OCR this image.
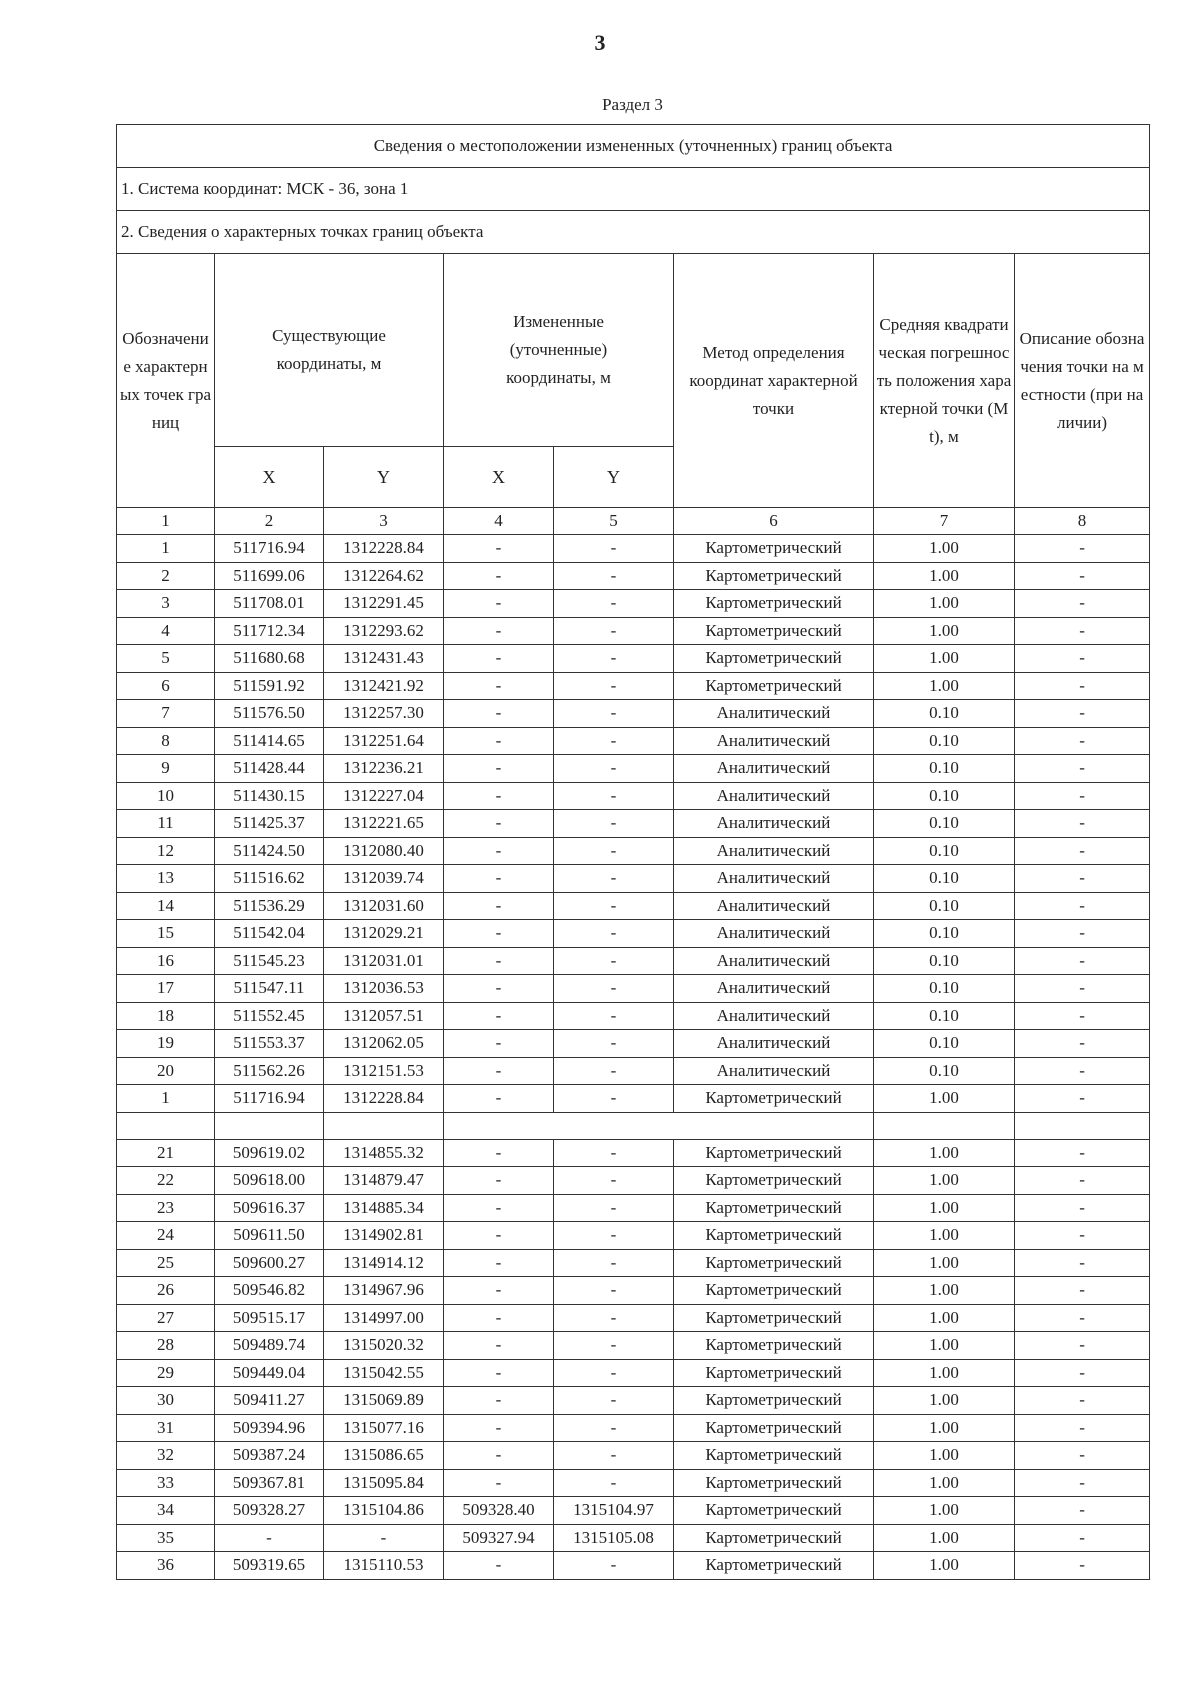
3
Раздел 3
Сведения о местоположении измененных (уточненных) границ объекта							
1. Система координат: МСК - 36, зона 1							
2. Сведения о характерных точках границ объекта							
Обозначение характерных точек границ	Существующие координаты, м		Измененные (уточненные) координаты, м		Метод определения координат характерной точки	Средняя квадратическая погрешность положения характерной точки (Mt), м	Описание обозначения точки на местности (при наличии)
	X	Y	X	Y			
1	2	3	4	5	6	7	8
1	511716.94	1312228.84	-	-	Картометрический	1.00	-
2	511699.06	1312264.62	-	-	Картометрический	1.00	-
3	511708.01	1312291.45	-	-	Картометрический	1.00	-
4	511712.34	1312293.62	-	-	Картометрический	1.00	-
5	511680.68	1312431.43	-	-	Картометрический	1.00	-
6	511591.92	1312421.92	-	-	Картометрический	1.00	-
7	511576.50	1312257.30	-	-	Аналитический	0.10	-
8	511414.65	1312251.64	-	-	Аналитический	0.10	-
9	511428.44	1312236.21	-	-	Аналитический	0.10	-
10	511430.15	1312227.04	-	-	Аналитический	0.10	-
11	511425.37	1312221.65	-	-	Аналитический	0.10	-
12	511424.50	1312080.40	-	-	Аналитический	0.10	-
13	511516.62	1312039.74	-	-	Аналитический	0.10	-
14	511536.29	1312031.60	-	-	Аналитический	0.10	-
15	511542.04	1312029.21	-	-	Аналитический	0.10	-
16	511545.23	1312031.01	-	-	Аналитический	0.10	-
17	511547.11	1312036.53	-	-	Аналитический	0.10	-
18	511552.45	1312057.51	-	-	Аналитический	0.10	-
19	511553.37	1312062.05	-	-	Аналитический	0.10	-
20	511562.26	1312151.53	-	-	Аналитический	0.10	-
1	511716.94	1312228.84	-	-	Картометрический	1.00	-

21	509619.02	1314855.32	-	-	Картометрический	1.00	-
22	509618.00	1314879.47	-	-	Картометрический	1.00	-
23	509616.37	1314885.34	-	-	Картометрический	1.00	-
24	509611.50	1314902.81	-	-	Картометрический	1.00	-
25	509600.27	1314914.12	-	-	Картометрический	1.00	-
26	509546.82	1314967.96	-	-	Картометрический	1.00	-
27	509515.17	1314997.00	-	-	Картометрический	1.00	-
28	509489.74	1315020.32	-	-	Картометрический	1.00	-
29	509449.04	1315042.55	-	-	Картометрический	1.00	-
30	509411.27	1315069.89	-	-	Картометрический	1.00	-
31	509394.96	1315077.16	-	-	Картометрический	1.00	-
32	509387.24	1315086.65	-	-	Картометрический	1.00	-
33	509367.81	1315095.84	-	-	Картометрический	1.00	-
34	509328.27	1315104.86	509328.40	1315104.97	Картометрический	1.00	-
35	-	-	509327.94	1315105.08	Картометрический	1.00	-
36	509319.65	1315110.53	-	-	Картометрический	1.00	-
